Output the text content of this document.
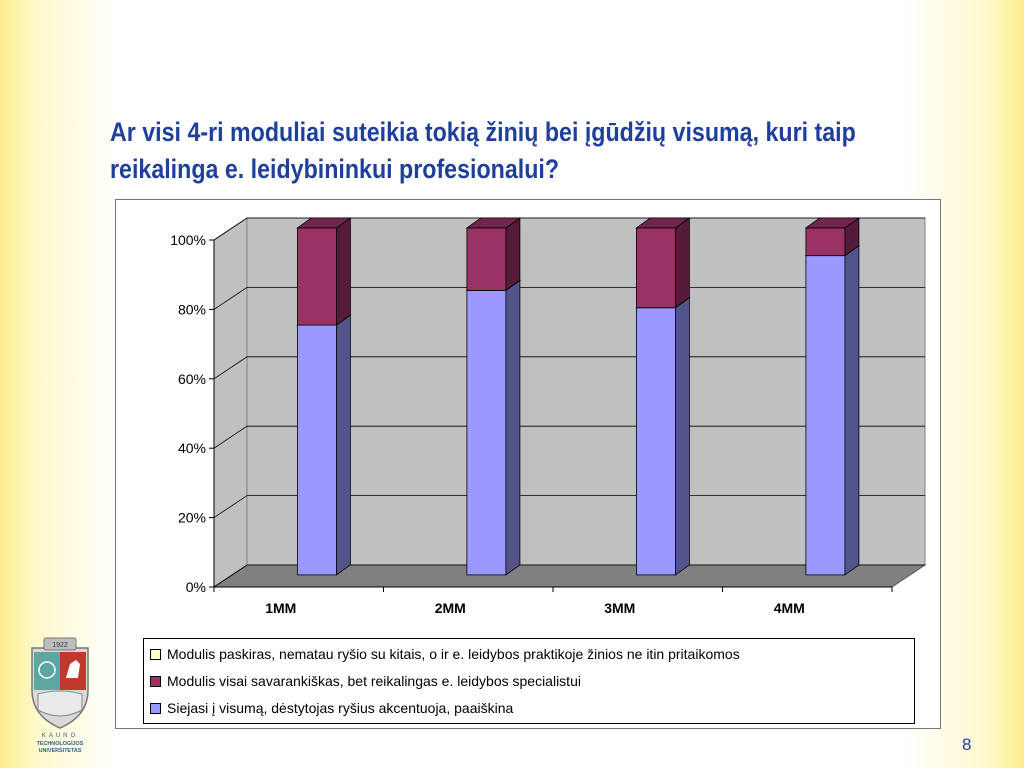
Ar visi 4-ri moduliai suteikia tokią žinių bei įgūdžių visumą, kuri taip reikalinga e. leidybininkui profesionalui?
0%
20%
40%
60%
80%
100%
1MM	2MM	3MM	4MM
Modulis paskiras, nematau ryšio su kitais, o ir e. leidybos praktikoje žinios ne itin pritaikomos
Modulis visai savarankiškas, bet reikalingas e. leidybos specialistui
Siejasi į visumą, dėstytojas ryšius akcentuoja, paaiškina
1922
KAUNO
TECHNOLOGIJOS
UNIVERSITETAS	8
